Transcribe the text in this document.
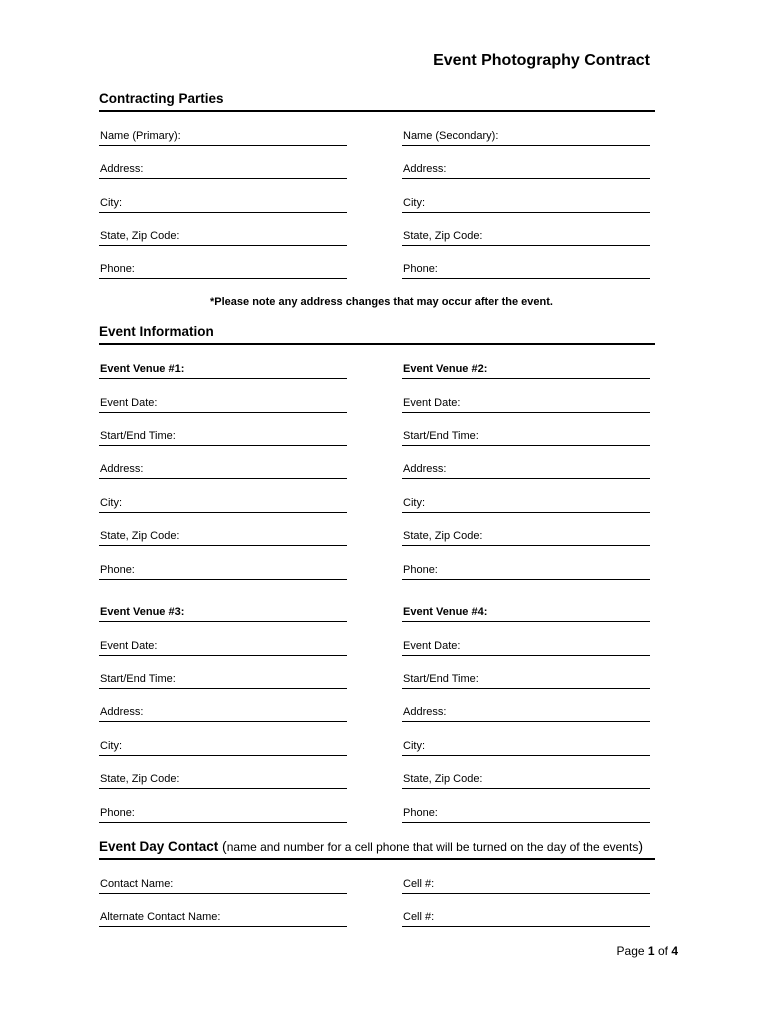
Event Photography Contract
Contracting Parties
Name (Primary):	Name (Secondary):
Address:	Address:
City:	City:
State, Zip Code:	State, Zip Code:
Phone:	Phone:
*Please note any address changes that may occur after the event.
Event Information
Event Venue #1:	Event Venue #2:
Event Date:	Event Date:
Start/End Time:	Start/End Time:
Address:	Address:
City:	City:
State, Zip Code:	State, Zip Code:
Phone:	Phone:
Event Venue #3:	Event Venue #4:
Event Date:	Event Date:
Start/End Time:	Start/End Time:
Address:	Address:
City:	City:
State, Zip Code:	State, Zip Code:
Phone:	Phone:
Event Day Contact (name and number for a cell phone that will be turned on the day of the events)
Contact Name:	Cell #:
Alternate Contact Name:	Cell #:
Page 1 of 4
